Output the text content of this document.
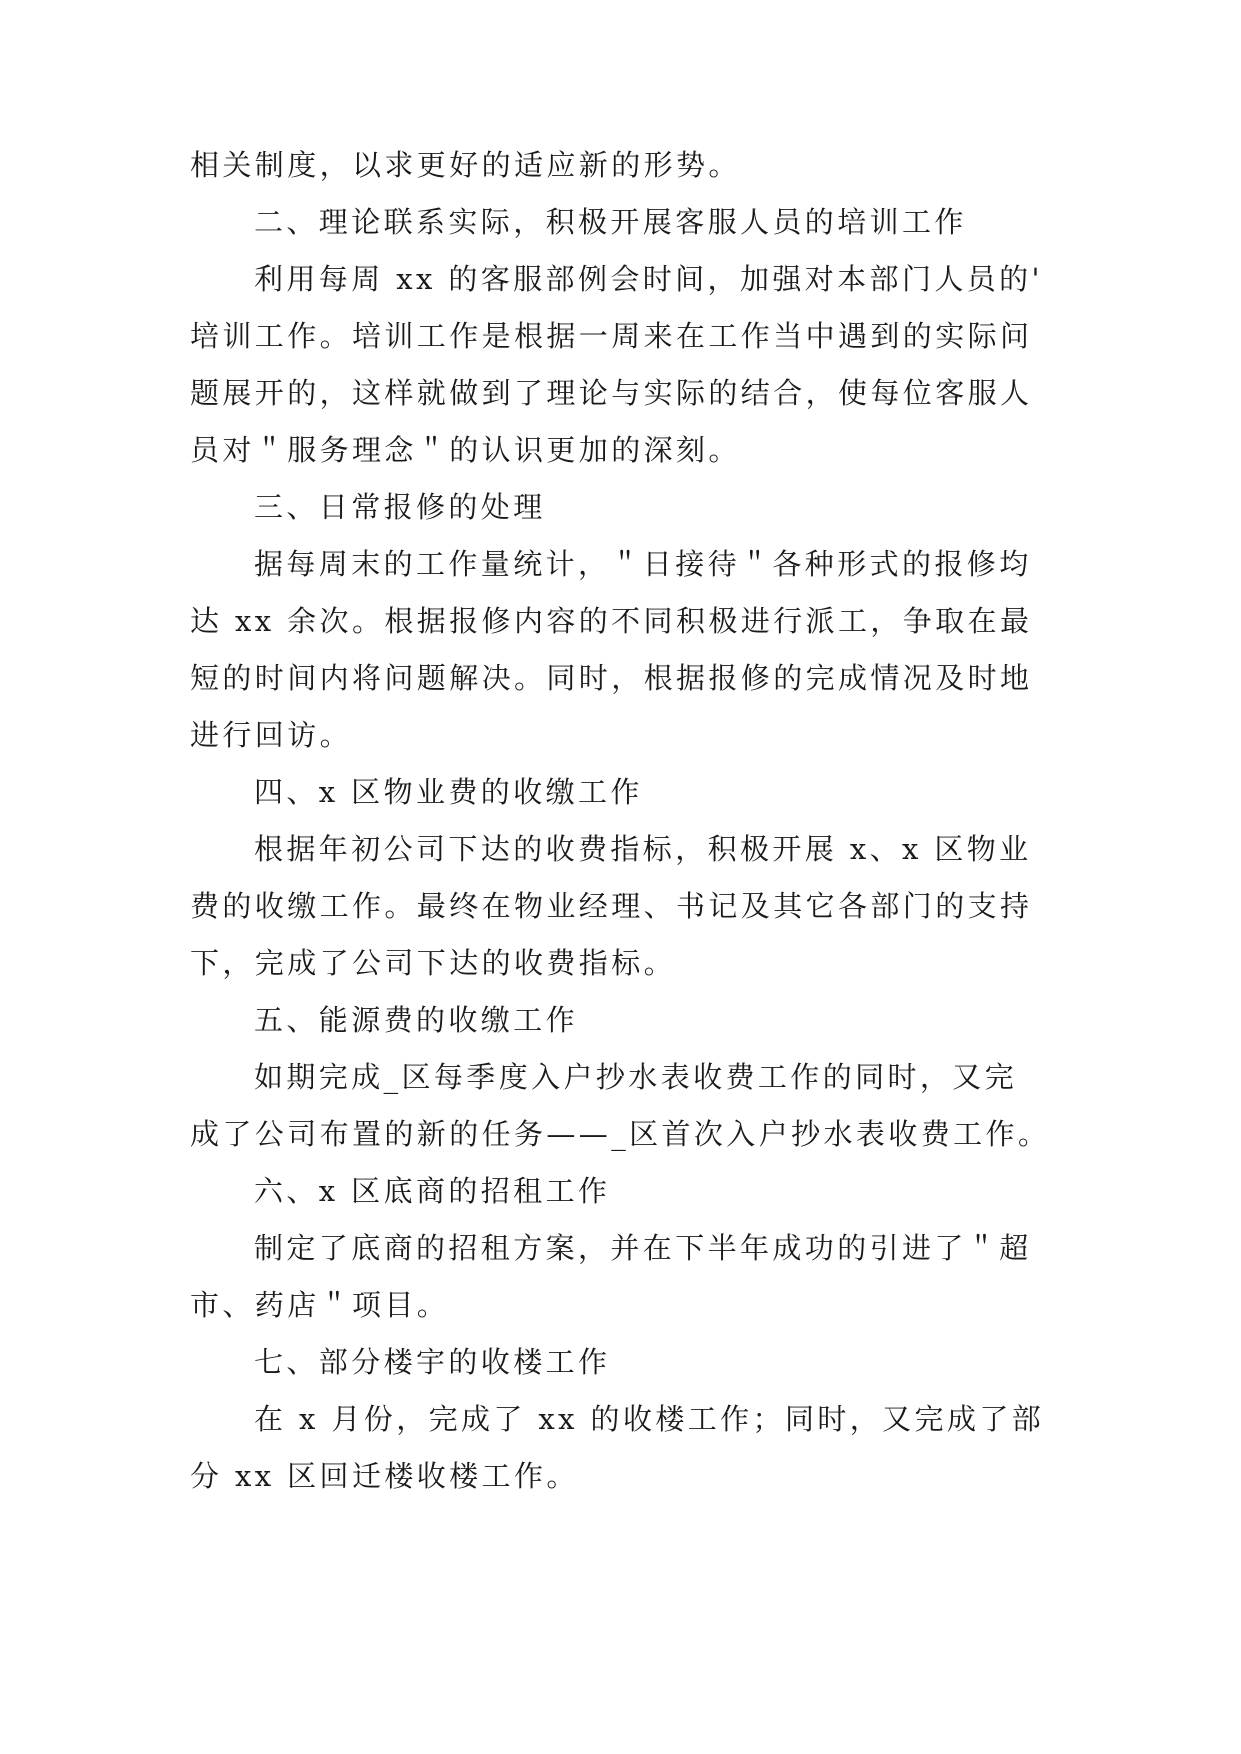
相关制度，以求更好的适应新的形势。
二、理论联系实际，积极开展客服人员的培训工作
利用每周 xx 的客服部例会时间，加强对本部门人员的'
培训工作。培训工作是根据一周来在工作当中遇到的实际问
题展开的，这样就做到了理论与实际的结合，使每位客服人
员对＂服务理念＂的认识更加的深刻。
三、日常报修的处理
据每周末的工作量统计，＂日接待＂各种形式的报修均
达 xx 余次。根据报修内容的不同积极进行派工，争取在最
短的时间内将问题解决。同时，根据报修的完成情况及时地
进行回访。
四、x 区物业费的收缴工作
根据年初公司下达的收费指标，积极开展 x、x 区物业
费的收缴工作。最终在物业经理、书记及其它各部门的支持
下，完成了公司下达的收费指标。
五、能源费的收缴工作
如期完成_区每季度入户抄水表收费工作的同时，又完
成了公司布置的新的任务——_区首次入户抄水表收费工作。
六、x 区底商的招租工作
制定了底商的招租方案，并在下半年成功的引进了＂超
市、药店＂项目。
七、部分楼宇的收楼工作
在 x 月份，完成了 xx 的收楼工作；同时，又完成了部
分 xx 区回迁楼收楼工作。
